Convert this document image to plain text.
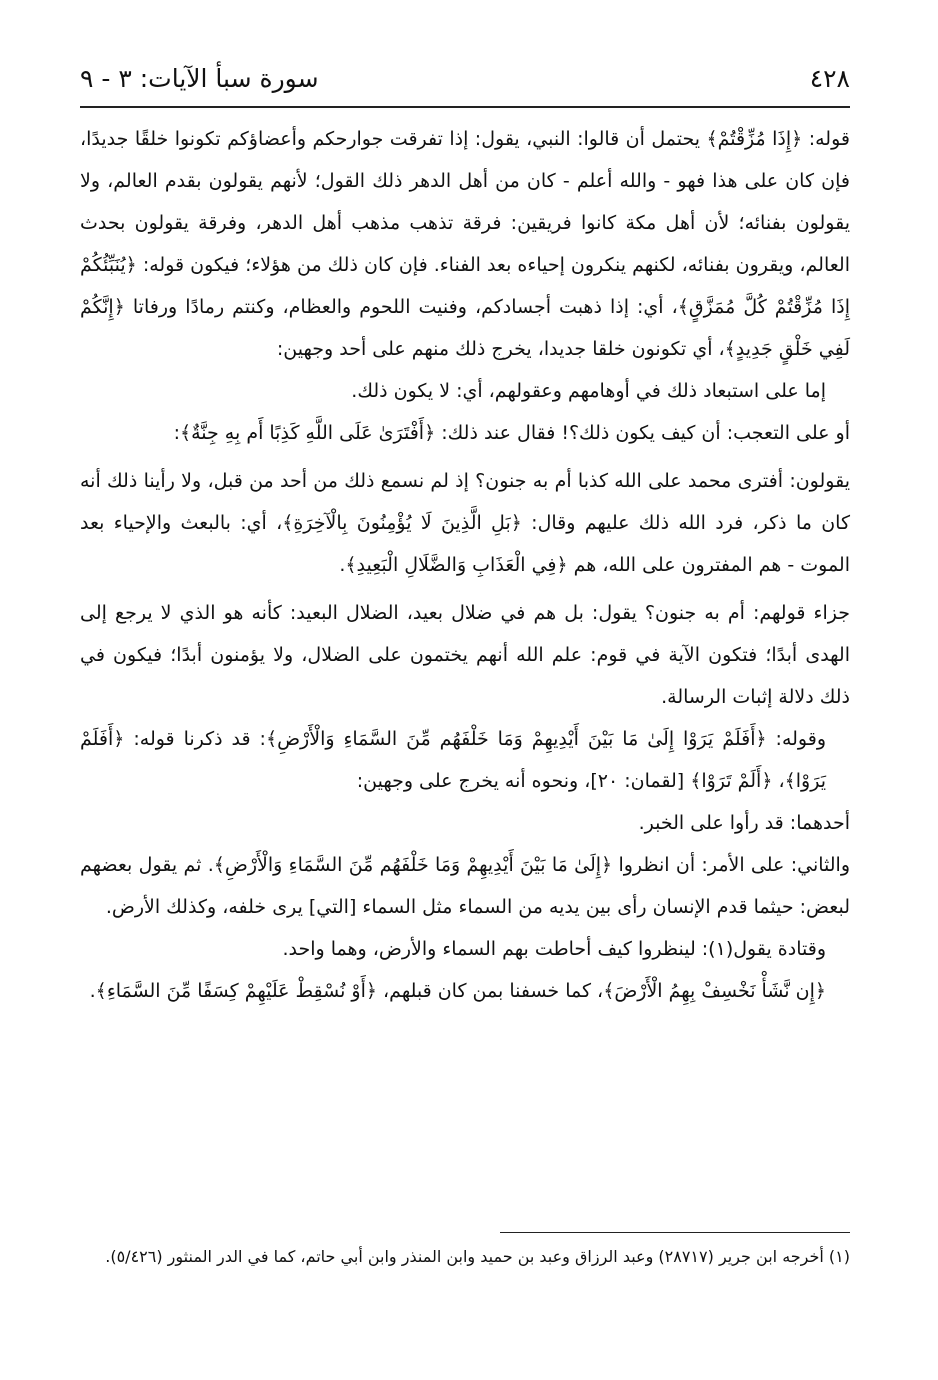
٤٢٨
سورة سبأ الآيات: ٣ - ٩

قوله: ﴿إِذَا مُزِّقْتُمْ﴾ يحتمل أن قالوا: النبي، يقول: إذا تفرقت جوارحكم وأعضاؤكم تكونوا خلقًا جديدًا، فإن كان على هذا فهو - والله أعلم - كان من أهل الدهر ذلك القول؛ لأنهم يقولون بقدم العالم، ولا يقولون بفنائه؛ لأن أهل مكة كانوا فريقين: فرقة تذهب مذهب أهل الدهر، وفرقة يقولون بحدث العالم، ويقرون بفنائه، لكنهم ينكرون إحياءه بعد الفناء. فإن كان ذلك من هؤلاء؛ فيكون قوله: ﴿يُنَبِّئُكُمْ إِذَا مُزِّقْتُمْ كُلَّ مُمَزَّقٍ﴾، أي: إذا ذهبت أجسادكم، وفنيت اللحوم والعظام، وكنتم رمادًا ورفاتا ﴿إِنَّكُمْ لَفِي خَلْقٍ جَدِيدٍ﴾، أي تكونون خلقا جديدا، يخرج ذلك منهم على أحد وجهين:

إما على استبعاد ذلك في أوهامهم وعقولهم، أي: لا يكون ذلك.

أو على التعجب: أن كيف يكون ذلك؟! فقال عند ذلك: ﴿أَفْتَرَىٰ عَلَى اللَّهِ كَذِبًا أَم بِهِ جِنَّةٌ﴾:

يقولون: أفترى محمد على الله كذبا أم به جنون؟ إذ لم نسمع ذلك من أحد من قبل، ولا رأينا ذلك أنه كان ما ذكر، فرد الله ذلك عليهم وقال: ﴿بَلِ الَّذِينَ لَا يُؤْمِنُونَ بِالْآخِرَةِ﴾، أي: بالبعث والإحياء بعد الموت - هم المفترون على الله، هم ﴿فِي الْعَذَابِ وَالضَّلَالِ الْبَعِيدِ﴾.

جزاء قولهم: أم به جنون؟ يقول: بل هم في ضلال بعيد، الضلال البعيد: كأنه هو الذي لا يرجع إلى الهدى أبدًا؛ فتكون الآية في قوم: علم الله أنهم يختمون على الضلال، ولا يؤمنون أبدًا؛ فيكون في ذلك دلالة إثبات الرسالة.

وقوله: ﴿أَفَلَمْ يَرَوْا إِلَىٰ مَا بَيْنَ أَيْدِيهِمْ وَمَا خَلْفَهُم مِّنَ السَّمَاءِ وَالْأَرْضِ﴾: قد ذكرنا قوله: ﴿أَفَلَمْ يَرَوْا﴾، ﴿أَلَمْ تَرَوْا﴾ [لقمان: ٢٠]، ونحوه أنه يخرج على وجهين:

أحدهما: قد رأوا على الخبر.

والثاني: على الأمر: أن انظروا ﴿إِلَىٰ مَا بَيْنَ أَيْدِيهِمْ وَمَا خَلْفَهُم مِّنَ السَّمَاءِ وَالْأَرْضِ﴾. ثم يقول بعضهم لبعض: حيثما قدم الإنسان رأى بين يديه من السماء مثل السماء [التي] يرى خلفه، وكذلك الأرض.

وقتادة يقول(١): لينظروا كيف أحاطت بهم السماء والأرض، وهما واحد.

﴿إِن نَّشَأْ نَخْسِفْ بِهِمُ الْأَرْضَ﴾، كما خسفنا بمن كان قبلهم، ﴿أَوْ نُسْقِطْ عَلَيْهِمْ كِسَفًا مِّنَ السَّمَاءِ﴾.

(١) أخرجه ابن جرير (٢٨٧١٧) وعبد الرزاق وعبد بن حميد وابن المنذر وابن أبي حاتم، كما في الدر المنثور (٥/٤٢٦).
